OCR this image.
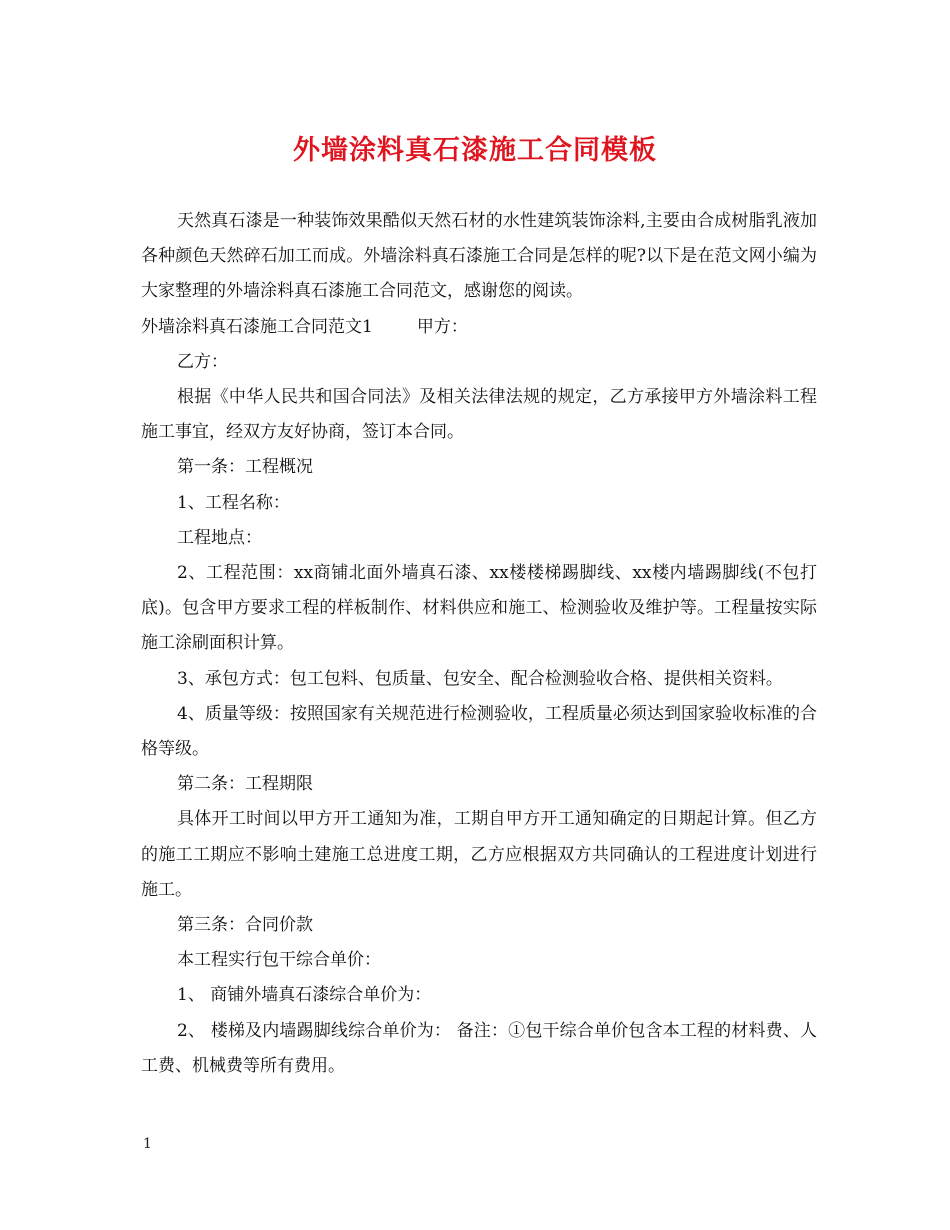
外墙涂料真石漆施工合同模板

天然真石漆是一种装饰效果酷似天然石材的水性建筑装饰涂料,主要由合成树脂乳液加各种颜色天然碎石加工而成。外墙涂料真石漆施工合同是怎样的呢?以下是在范文网小编为大家整理的外墙涂料真石漆施工合同范文，感谢您的阅读。

外墙涂料真石漆施工合同范文1	甲方：

乙方：

根据《中华人民共和国合同法》及相关法律法规的规定，乙方承接甲方外墙涂料工程施工事宜，经双方友好协商，签订本合同。

第一条：工程概况

1、工程名称：

工程地点：

2、工程范围：xx商铺北面外墙真石漆、xx楼楼梯踢脚线、xx楼内墙踢脚线(不包打底)。包含甲方要求工程的样板制作、材料供应和施工、检测验收及维护等。工程量按实际施工涂刷面积计算。

3、承包方式：包工包料、包质量、包安全、配合检测验收合格、提供相关资料。

4、质量等级：按照国家有关规范进行检测验收，工程质量必须达到国家验收标准的合格等级。

第二条：工程期限

具体开工时间以甲方开工通知为准，工期自甲方开工通知确定的日期起计算。但乙方的施工工期应不影响土建施工总进度工期，乙方应根据双方共同确认的工程进度计划进行施工。

第三条：合同价款

本工程实行包干综合单价：

1、 商铺外墙真石漆综合单价为：

2、 楼梯及内墙踢脚线综合单价为： 备注：①包干综合单价包含本工程的材料费、人工费、机械费等所有费用。

1
